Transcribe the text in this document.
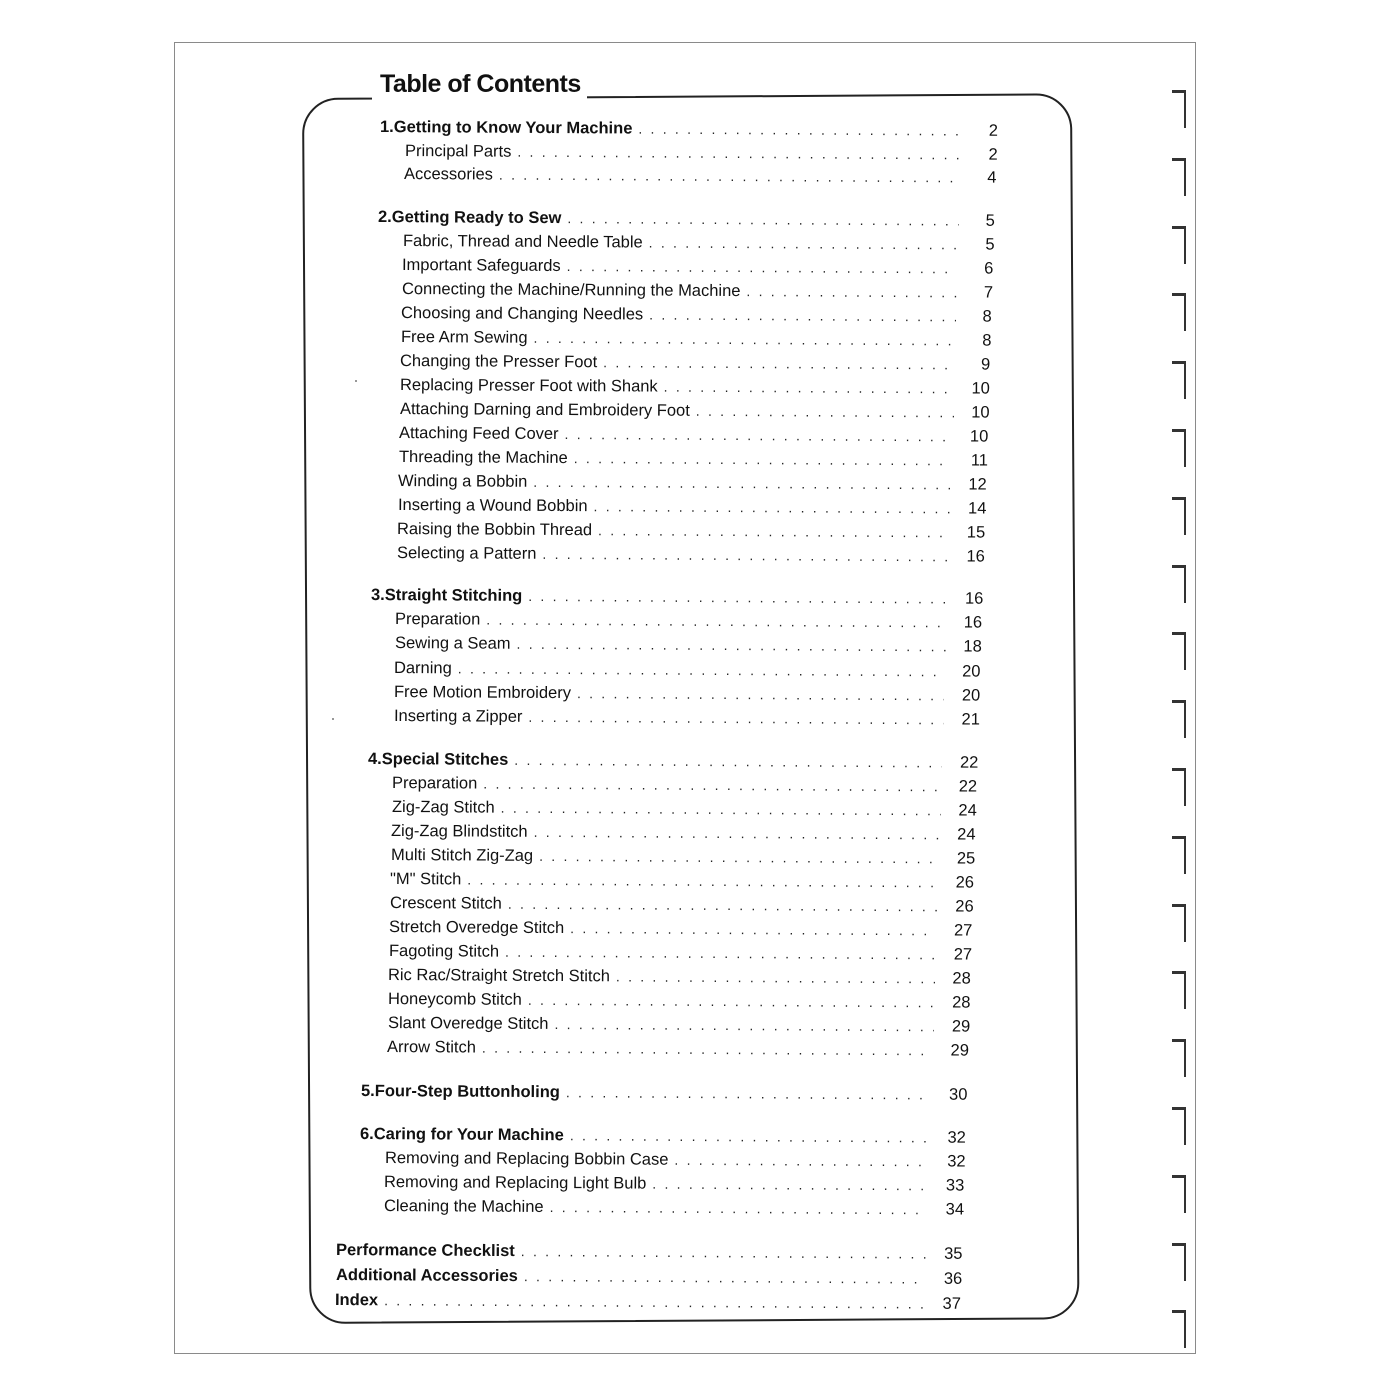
Table of Contents
1. Getting to Know Your Machine . . .	2
Principal Parts . . .	2
Accessories . . .	4
2. Getting Ready to Sew . . .	5
Fabric, Thread and Needle Table . . .	5
Important Safeguards . . .	6
Connecting the Machine/Running the Machine . . .	7
Choosing and Changing Needles . . .	8
Free Arm Sewing . . .	8
Changing the Presser Foot . . .	9
Replacing Presser Foot with Shank . . .	10
Attaching Darning and Embroidery Foot . . .	10
Attaching Feed Cover . . .	10
Threading the Machine . . .	11
Winding a Bobbin . . .	12
Inserting a Wound Bobbin . . .	14
Raising the Bobbin Thread . . .	15
Selecting a Pattern . . .	16
3. Straight Stitching . . .	16
Preparation . . .	16
Sewing a Seam . . .	18
Darning . . .	20
Free Motion Embroidery . . .	20
Inserting a Zipper . . .	21
4. Special Stitches . . .	22
Preparation . . .	22
Zig-Zag Stitch . . .	24
Zig-Zag Blindstitch . . .	24
Multi Stitch Zig-Zag . . .	25
"M" Stitch . . .	26
Crescent Stitch . . .	26
Stretch Overedge Stitch . . .	27
Fagoting Stitch . . .	27
Ric Rac/Straight Stretch Stitch . . .	28
Honeycomb Stitch . . .	28
Slant Overedge Stitch . . .	29
Arrow Stitch . . .	29
5. Four-Step Buttonholing . . .	30
6. Caring for Your Machine . . .	32
Removing and Replacing Bobbin Case . . .	32
Removing and Replacing Light Bulb . . .	33
Cleaning the Machine . . .	34
Performance Checklist . . .	35
Additional Accessories . . .	36
Index . . .	37
